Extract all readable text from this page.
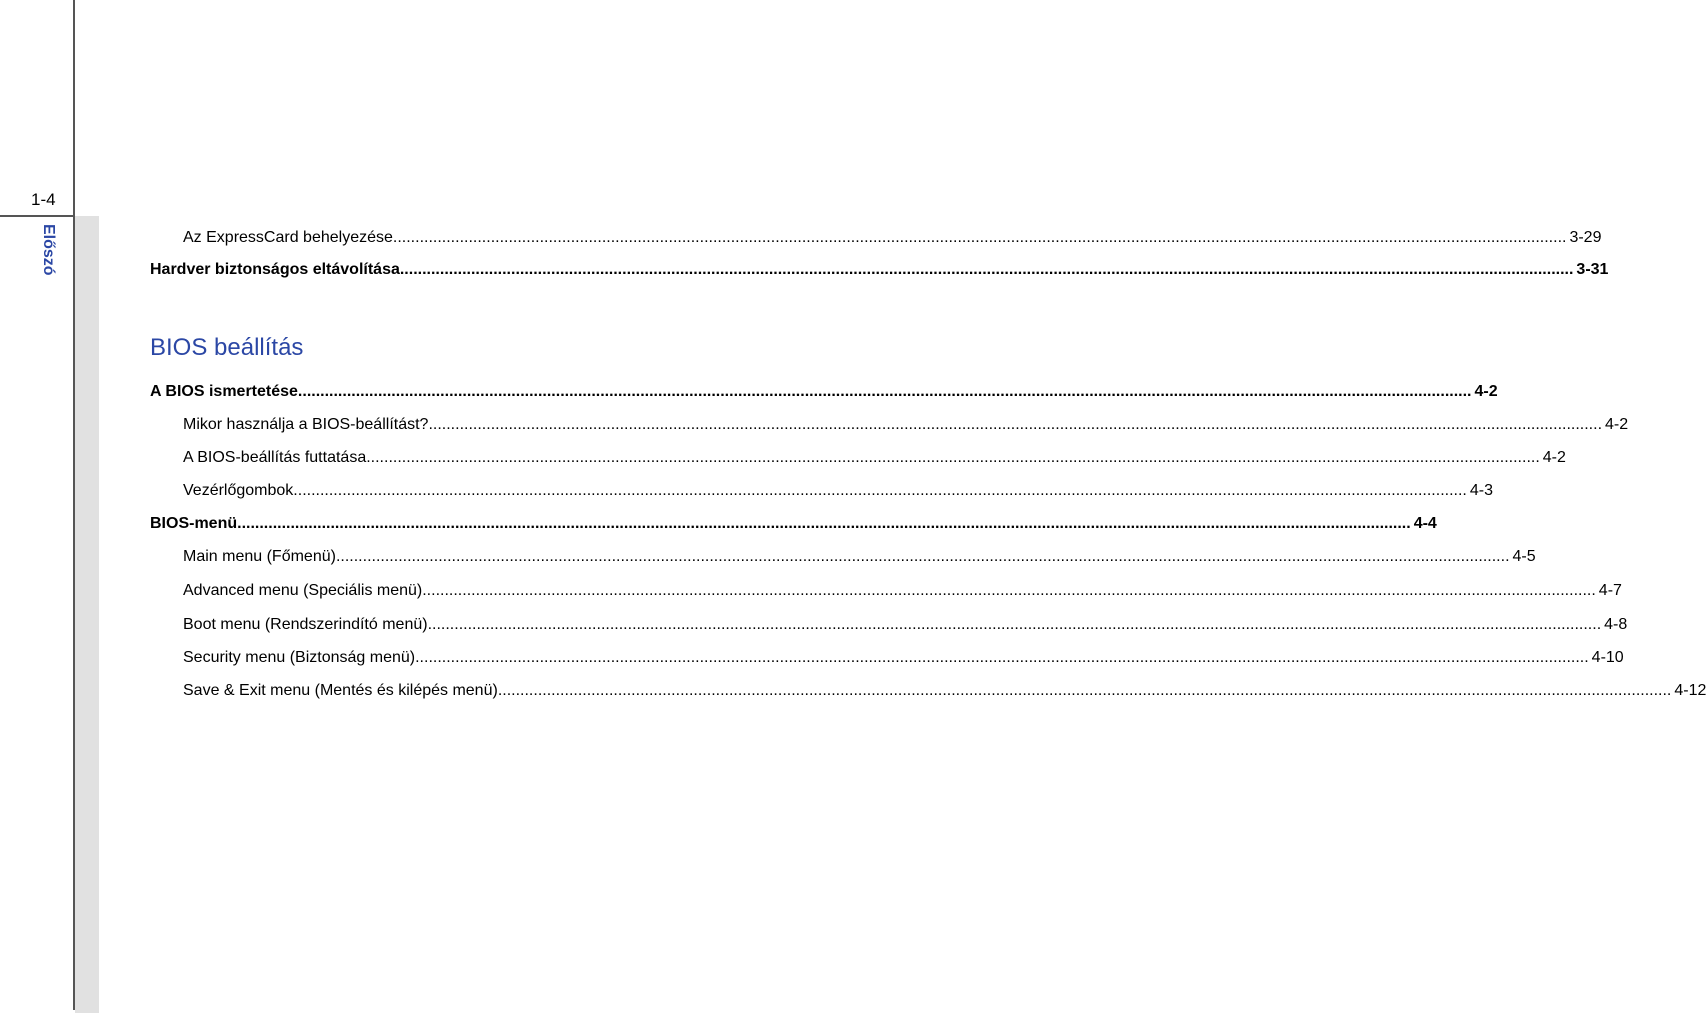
1-4
Előszó	Az ExpressCard behelyezése .....	3-29
Hardver biztonságos eltávolítása .....	3-31
BIOS beállítás
A BIOS ismertetése .....	4-2
Mikor használja a BIOS-beállítást? .....	4-2
A BIOS-beállítás futtatása .....	4-2
Vezérlőgombok .....	4-3
BIOS-menü .....	4-4
Main menu (Főmenü) .....	4-5
Advanced menu (Speciális menü) .....	4-7
Boot menu (Rendszerindító menü) .....	4-8
Security menu (Biztonság menü) .....	4-10
Save & Exit menu (Mentés és kilépés menü) .....	4-12
